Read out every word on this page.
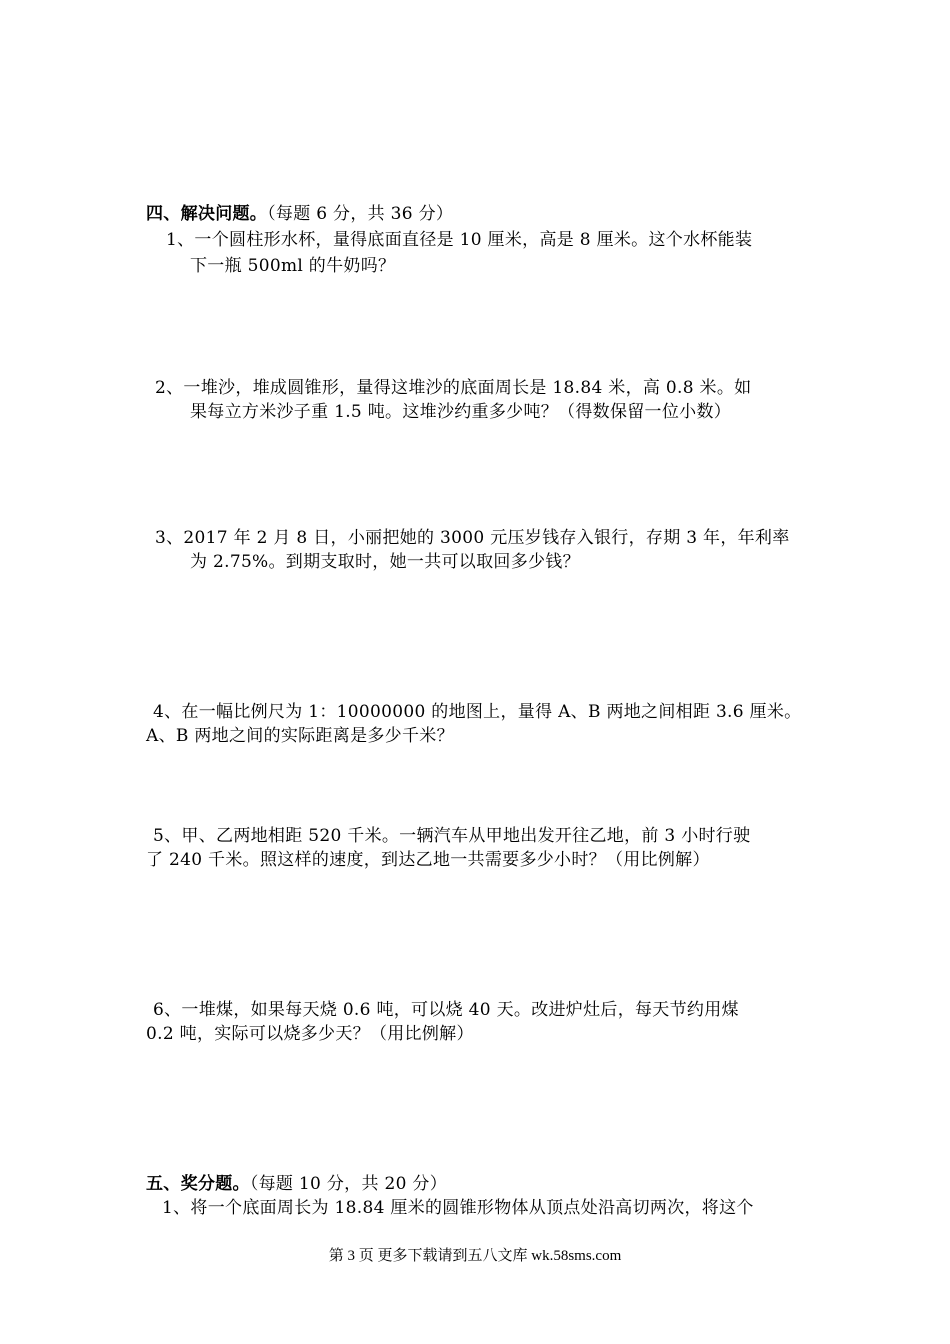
四、解决问题。（每题 6 分，共 36 分）
1、一个圆柱形水杯，量得底面直径是 10 厘米，高是 8 厘米。这个水杯能装
下一瓶 500ml 的牛奶吗？
2、一堆沙，堆成圆锥形，量得这堆沙的底面周长是 18.84 米，高 0.8 米。如
果每立方米沙子重 1.5 吨。这堆沙约重多少吨？（得数保留一位小数）
3、2017 年 2 月 8 日，小丽把她的 3000 元压岁钱存入银行，存期 3 年，年利率
为 2.75%。到期支取时，她一共可以取回多少钱？
4、在一幅比例尺为 1：10000000 的地图上，量得 A、B 两地之间相距 3.6 厘米。
A、B 两地之间的实际距离是多少千米？
5、甲、乙两地相距 520 千米。一辆汽车从甲地出发开往乙地，前 3 小时行驶
了 240 千米。照这样的速度，到达乙地一共需要多少小时？（用比例解）
6、一堆煤，如果每天烧 0.6 吨，可以烧 40 天。改进炉灶后，每天节约用煤
0.2 吨，实际可以烧多少天？（用比例解）
五、奖分题。（每题 10 分，共 20 分）
1、将一个底面周长为 18.84 厘米的圆锥形物体从顶点处沿高切两次，将这个
第 3 页 更多下载请到五八文库 wk.58sms.com
